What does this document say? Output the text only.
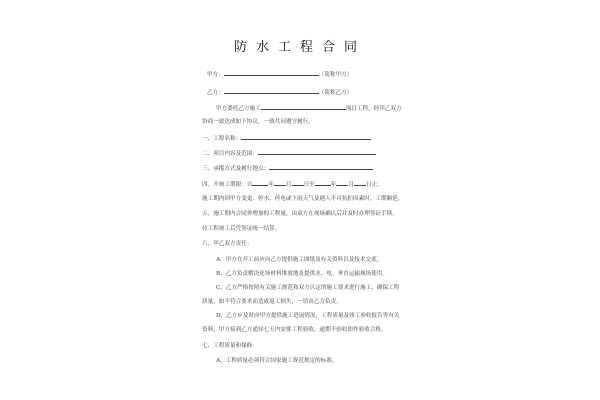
防水工程合同
甲方：	（简称甲方）
乙方：	（简称乙方）
甲方委托乙方施工	项目工程，经甲乙双方
协商一致达成如下协议，一致共同遵守履行。
一、工程名称：
二、项目内容及范围：
三、承揽方式及履行地点：
四、开竣工期限：自	年 月 日至	年 月 日止。
施工期内因甲方变更、停水、停电或下雨天气及遇人不可抗拒因素时，工期顺延。
五、施工期内合同外增加的工程量，由双方在现场确认后并及时办理签证手续，
待工程竣工后凭签证统一结算。
六、甲乙双方责任：
A、甲方在开工前应向乙方提供施工图纸及有关资料以及技术交底。
B、乙方负责解决连场材料堆放地及提供水、电、垂直运输现场使用。
C、乙方严格按照有关施工规范和双方认定的施工要求进行施工，确保工程
质量，如不符合要求而造成返工损失，一切由乙方负责。
D、乙方应及时向甲方提供施工进展情况，工程质量及竣工验收报告等有关
资料，甲方接到乙方通知七天内安排工程验收，逾期不验收即作验收合格。
七、工程质量和保修：
A、工程质量必须符合国家施工规范规定的标准。
